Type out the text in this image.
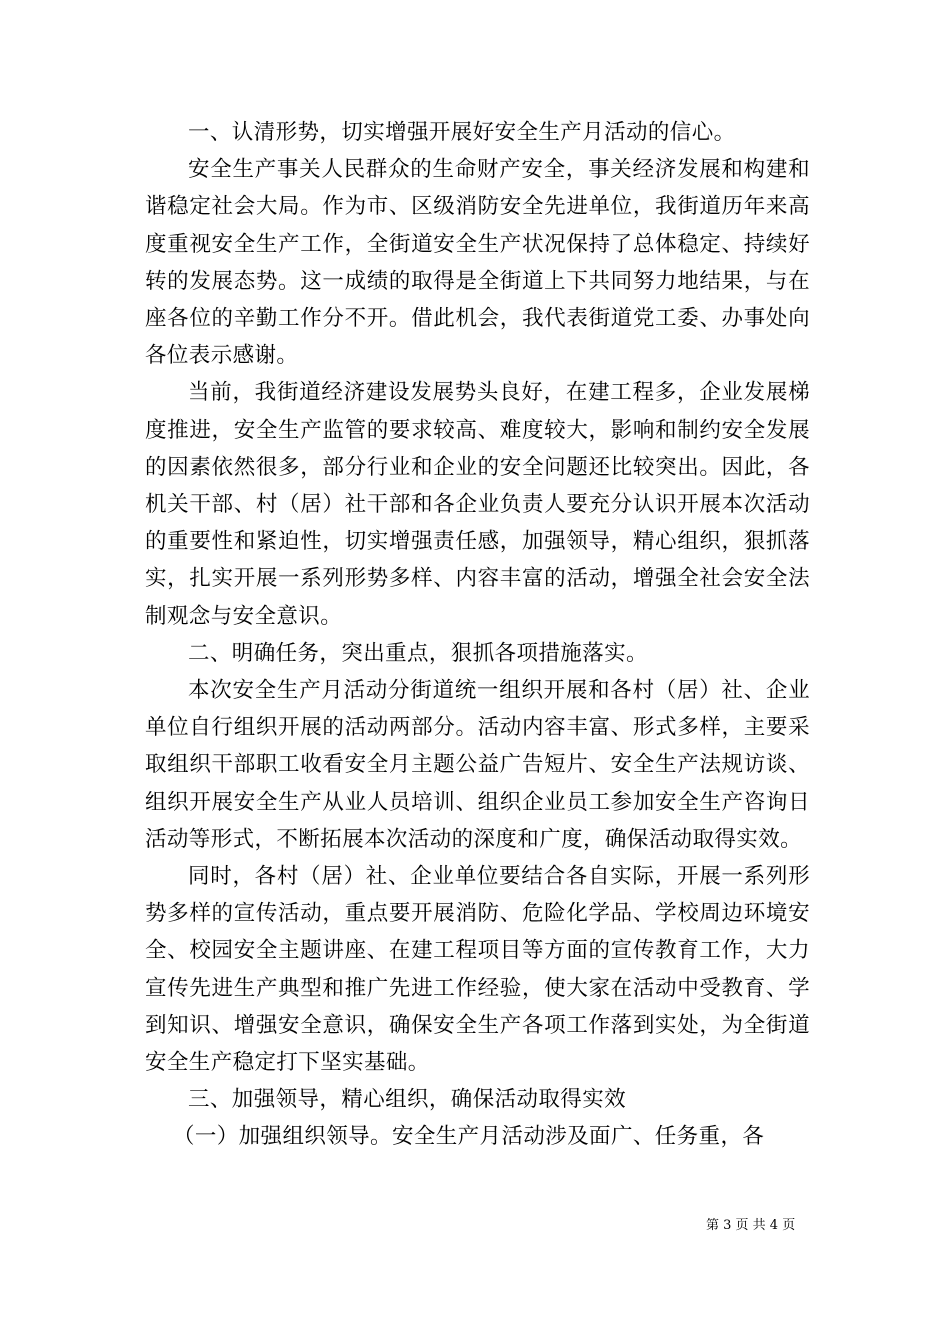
一、认清形势，切实增强开展好安全生产月活动的信心。

安全生产事关人民群众的生命财产安全，事关经济发展和构建和谐稳定社会大局。作为市、区级消防安全先进单位，我街道历年来高度重视安全生产工作，全街道安全生产状况保持了总体稳定、持续好转的发展态势。这一成绩的取得是全街道上下共同努力地结果，与在座各位的辛勤工作分不开。借此机会，我代表街道党工委、办事处向各位表示感谢。

当前，我街道经济建设发展势头良好，在建工程多，企业发展梯度推进，安全生产监管的要求较高、难度较大，影响和制约安全发展的因素依然很多，部分行业和企业的安全问题还比较突出。因此，各机关干部、村（居）社干部和各企业负责人要充分认识开展本次活动的重要性和紧迫性，切实增强责任感，加强领导，精心组织，狠抓落实，扎实开展一系列形势多样、内容丰富的活动，增强全社会安全法制观念与安全意识。

二、明确任务，突出重点，狠抓各项措施落实。

本次安全生产月活动分街道统一组织开展和各村（居）社、企业单位自行组织开展的活动两部分。活动内容丰富、形式多样，主要采取组织干部职工收看安全月主题公益广告短片、安全生产法规访谈、组织开展安全生产从业人员培训、组织企业员工参加安全生产咨询日活动等形式，不断拓展本次活动的深度和广度，确保活动取得实效。

同时，各村（居）社、企业单位要结合各自实际，开展一系列形势多样的宣传活动，重点要开展消防、危险化学品、学校周边环境安全、校园安全主题讲座、在建工程项目等方面的宣传教育工作，大力宣传先进生产典型和推广先进工作经验，使大家在活动中受教育、学到知识、增强安全意识，确保安全生产各项工作落到实处，为全街道安全生产稳定打下坚实基础。

三、加强领导，精心组织，确保活动取得实效

（一）加强组织领导。安全生产月活动涉及面广、任务重，各

第 3 页 共 4 页
